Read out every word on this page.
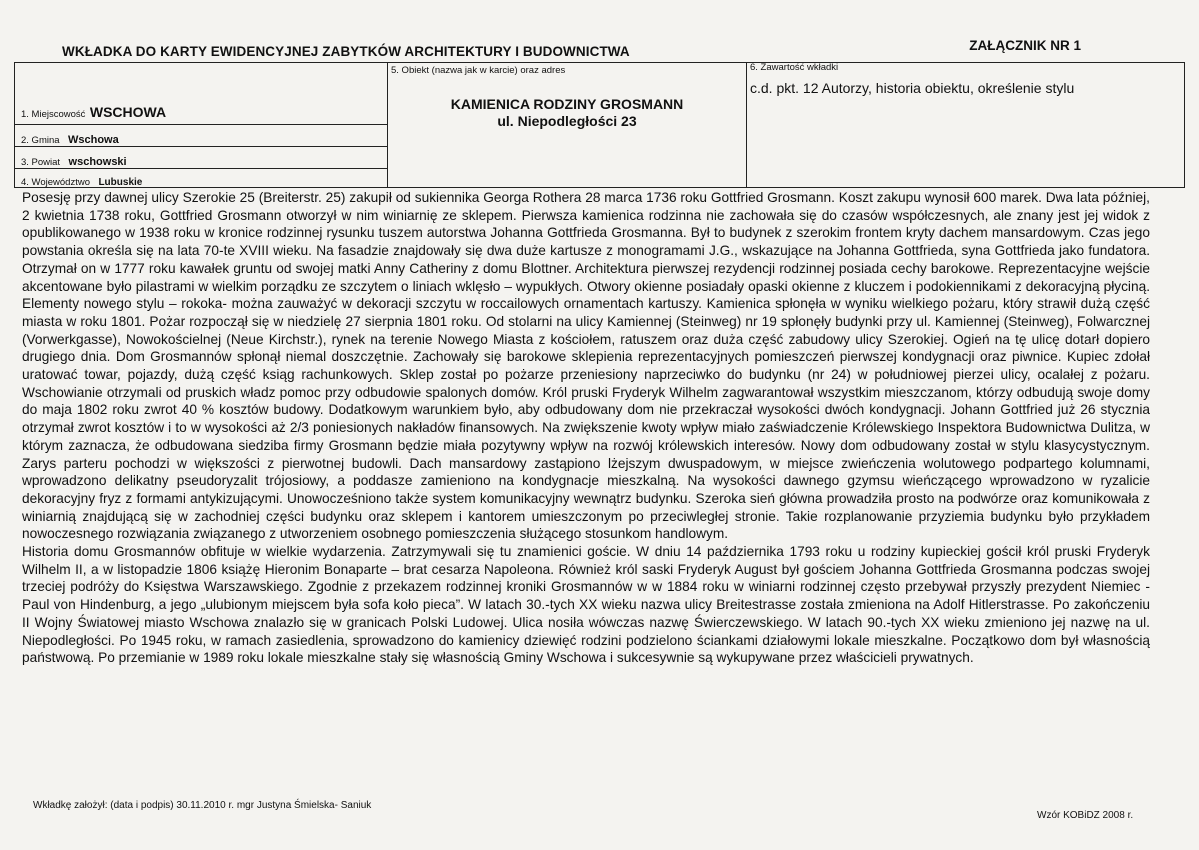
WKŁADKA DO KARTY EWIDENCYJNEJ ZABYTKÓW ARCHITEKTURY I BUDOWNICTWA	ZAŁĄCZNIK NR 1
1. Miejscowość WSCHOWA
2. Gmina Wschowa
3. Powiat wschowski
4. Województwo Lubuskie
5. Obiekt (nazwa jak w karcie) oraz adres
KAMIENICA RODZINY GROSMANN
ul. Niepodległości 23
6. Zawartość wkładki
c.d. pkt. 12 Autorzy, historia obiektu, określenie stylu

Posesję przy dawnej ulicy Szerokie 25 (Breiterstr. 25) zakupił od sukiennika Georga Rothera 28 marca 1736 roku Gottfried Grosmann. Koszt zakupu wynosił 600 marek. Dwa lata później, 2 kwietnia 1738 roku, Gottfried Grosmann otworzył w nim winiarnię ze sklepem. Pierwsza kamienica rodzinna nie zachowała się do czasów współczesnych, ale znany jest jej widok z opublikowanego w 1938 roku w kronice rodzinnej rysunku tuszem autorstwa Johanna Gottfrieda Grosmanna. Był to budynek z szerokim frontem kryty dachem mansardowym. Czas jego powstania określa się na lata 70-te XVIII wieku. Na fasadzie znajdowały się dwa duże kartusze z monogramami J.G., wskazujące na Johanna Gottfrieda, syna Gottfrieda jako fundatora. Otrzymał on w 1777 roku kawałek gruntu od swojej matki Anny Catheriny z domu Blottner. Architektura pierwszej rezydencji rodzinnej posiada cechy barokowe. Reprezentacyjne wejście akcentowane było pilastrami w wielkim porządku ze szczytem o liniach wklęsło – wypukłych. Otwory okienne posiadały opaski okienne z kluczem i podokiennikami z dekoracyjną płyciną. Elementy nowego stylu – rokoka- można zauważyć w dekoracji szczytu w roccailowych ornamentach kartuszy. Kamienica spłonęła w wyniku wielkiego pożaru, który strawił dużą część miasta w roku 1801. Pożar rozpoczął się w niedzielę 27 sierpnia 1801 roku. Od stolarni na ulicy Kamiennej (Steinweg) nr 19 spłonęły budynki przy ul. Kamiennej (Steinweg), Folwarcznej (Vorwerkgasse), Nowokościelnej (Neue Kirchstr.), rynek na terenie Nowego Miasta z kościołem, ratuszem oraz duża część zabudowy ulicy Szerokiej. Ogień na tę ulicę dotarł dopiero drugiego dnia. Dom Grosmannów spłonął niemal doszczętnie. Zachowały się barokowe sklepienia reprezentacyjnych pomieszczeń pierwszej kondygnacji oraz piwnice. Kupiec zdołał uratować towar, pojazdy, dużą część ksiąg rachunkowych. Sklep został po pożarze przeniesiony naprzeciwko do budynku (nr 24) w południowej pierzei ulicy, ocalałej z pożaru. Wschowianie otrzymali od pruskich władz pomoc przy odbudowie spalonych domów. Król pruski Fryderyk Wilhelm zagwarantował wszystkim mieszczanom, którzy odbudują swoje domy do maja 1802 roku zwrot 40 % kosztów budowy. Dodatkowym warunkiem było, aby odbudowany dom nie przekraczał wysokości dwóch kondygnacji. Johann Gottfried już 26 stycznia otrzymał zwrot kosztów i to w wysokości aż 2/3 poniesionych nakładów finansowych. Na zwiększenie kwoty wpływ miało zaświadczenie Królewskiego Inspektora Budownictwa Dulitza, w którym zaznacza, że odbudowana siedziba firmy Grosmann będzie miała pozytywny wpływ na rozwój królewskich interesów. Nowy dom odbudowany został w stylu klasycystycznym. Zarys parteru pochodzi w większości z pierwotnej budowli. Dach mansardowy zastąpiono lżejszym dwuspadowym, w miejsce zwieńczenia wolutowego podpartego kolumnami, wprowadzono delikatny pseudoryzalit trójosiowy, a poddasze zamieniono na kondygnacje mieszkalną. Na wysokości dawnego gzymsu wieńczącego wprowadzono w ryzalicie dekoracyjny fryz z formami antykizującymi. Unowocześniono także system komunikacyjny wewnątrz budynku. Szeroka sień główna prowadziła prosto na podwórze oraz komunikowała z winiarnią znajdującą się w zachodniej części budynku oraz sklepem i kantorem umieszczonym po przeciwległej stronie. Takie rozplanowanie przyziemia budynku było przykładem nowoczesnego rozwiązania związanego z utworzeniem osobnego pomieszczenia służącego stosunkom handlowym.

Historia domu Grosmannów obfituje w wielkie wydarzenia. Zatrzymywali się tu znamienici goście. W dniu 14 października 1793 roku u rodziny kupieckiej gościł król pruski Fryderyk Wilhelm II, a w listopadzie 1806 książę Hieronim Bonaparte – brat cesarza Napoleona. Również król saski Fryderyk August był gościem Johanna Gottfrieda Grosmanna podczas swojej trzeciej podróży do Księstwa Warszawskiego. Zgodnie z przekazem rodzinnej kroniki Grosmannów w w 1884 roku w winiarni rodzinnej często przebywał przyszły prezydent Niemiec - Paul von Hindenburg, a jego „ulubionym miejscem była sofa koło pieca”. W latach 30.-tych XX wieku nazwa ulicy Breitestrasse została zmieniona na Adolf Hitlerstrasse. Po zakończeniu II Wojny Światowej miasto Wschowa znalazło się w granicach Polski Ludowej. Ulica nosiła wówczas nazwę Świerczewskiego. W latach 90.-tych XX wieku zmieniono jej nazwę na ul. Niepodległości. Po 1945 roku, w ramach zasiedlenia, sprowadzono do kamienicy dziewięć rodzini podzielono ściankami działowymi lokale mieszkalne. Początkowo dom był własnością państwową. Po przemianie w 1989 roku lokale mieszkalne stały się własnością Gminy Wschowa i sukcesywnie są wykupywane przez właścicieli prywatnych.

Wkładkę założył: (data i podpis) 30.11.2010 r. mgr Justyna Śmielska- Saniuk
Wzór KOBiDZ 2008 r.
